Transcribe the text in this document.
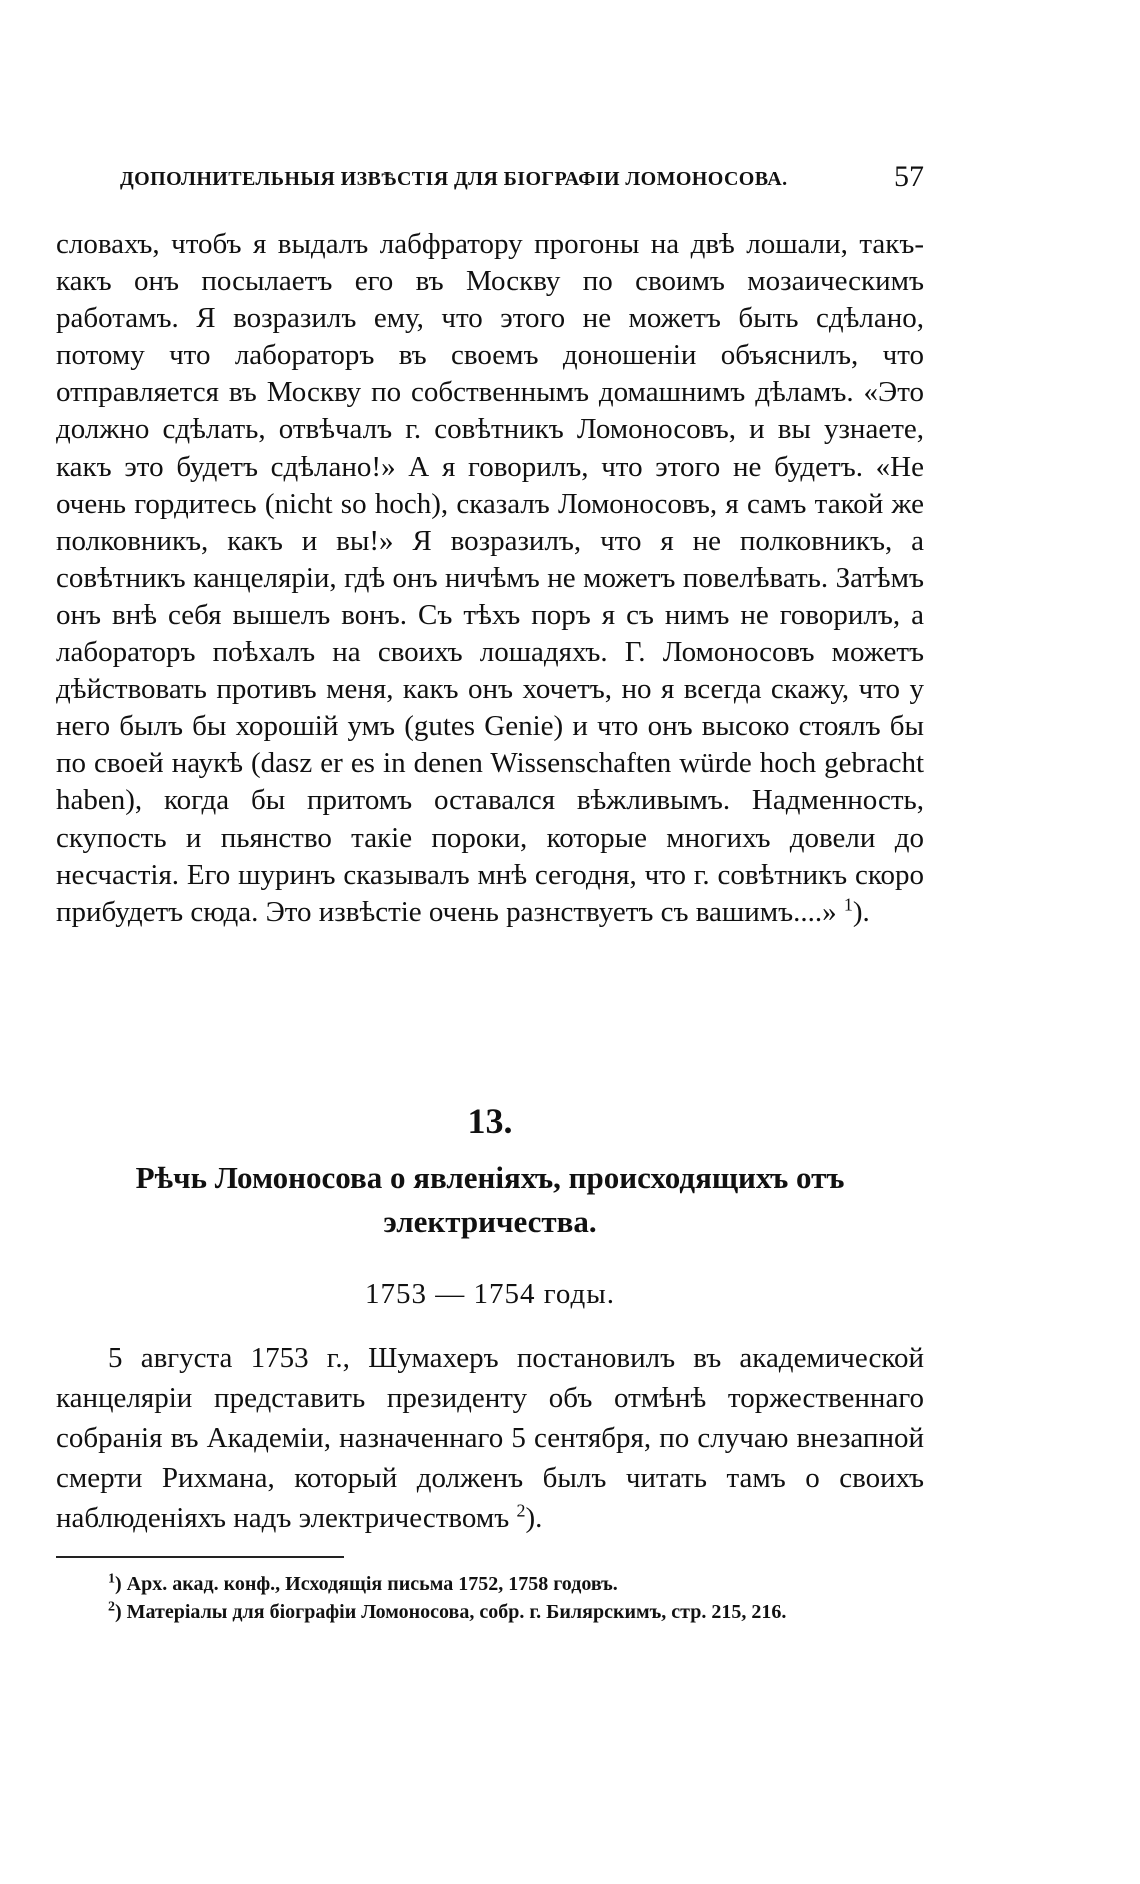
ДОПОЛНИТЕЛЬНЫЯ ИЗВѢСТІЯ ДЛЯ БІОГРАФІИ ЛОМОНОСОВА.	57

словахъ, чтобъ я выдалъ лабфратору прогоны на двѣ лошали, такъ-какъ онъ посылаетъ его въ Москву по своимъ мозаическимъ работамъ. Я возразилъ ему, что этого не можетъ быть сдѣлано, потому что лабораторъ въ своемъ доношеніи объяснилъ, что отправляется въ Москву по собственнымъ домашнимъ дѣламъ. «Это должно сдѣлать, отвѣчалъ г. совѣтникъ Ломоносовъ, и вы узнаете, какъ это будетъ сдѣлано!» А я говорилъ, что этого не будетъ. «Не очень гордитесь (nicht so hoch), сказалъ Ломоносовъ, я самъ такой же полковникъ, какъ и вы!» Я возразилъ, что я не полковникъ, а совѣтникъ канцеляріи, гдѣ онъ ничѣмъ не можетъ повелѣвать. Затѣмъ онъ внѣ себя вышелъ вонъ. Съ тѣхъ поръ я съ нимъ не говорилъ, а лабораторъ поѣхалъ на своихъ лошадяхъ. Г. Ломоносовъ можетъ дѣйствовать противъ меня, какъ онъ хочетъ, но я всегда скажу, что у него былъ бы хорошій умъ (gutes Genie) и что онъ высоко стоялъ бы по своей наукѣ (dasz er es in denen Wissenschaften würde hoch gebracht haben), когда бы притомъ оставался вѣжливымъ. Надменность, скупость и пьянство такіе пороки, которые многихъ довели до несчастія. Его шуринъ сказывалъ мнѣ сегодня, что г. совѣтникъ скоро прибудетъ сюда. Это извѣстіе очень разнствуетъ съ вашимъ....» $^1$).

13.
Рѣчь Ломоносова о явленіяхъ, происходящихъ отъ электричества.
1753 — 1754 годы.

5 августа 1753 г., Шумахеръ постановилъ въ академической канцеляріи представить президенту объ отмѣнѣ торжественнаго собранія въ Академіи, назначеннаго 5 сентября, по случаю внезапной смерти Рихмана, который долженъ былъ читать тамъ о своихъ наблюденіяхъ надъ электричествомъ $^2$).

$^1$) Арх. акад. конф., Исходящія письма 1752, 1758 годовъ.

$^2$) Матеріалы для біографіи Ломоносова, собр. г. Билярскимъ, стр. 215, 216.
